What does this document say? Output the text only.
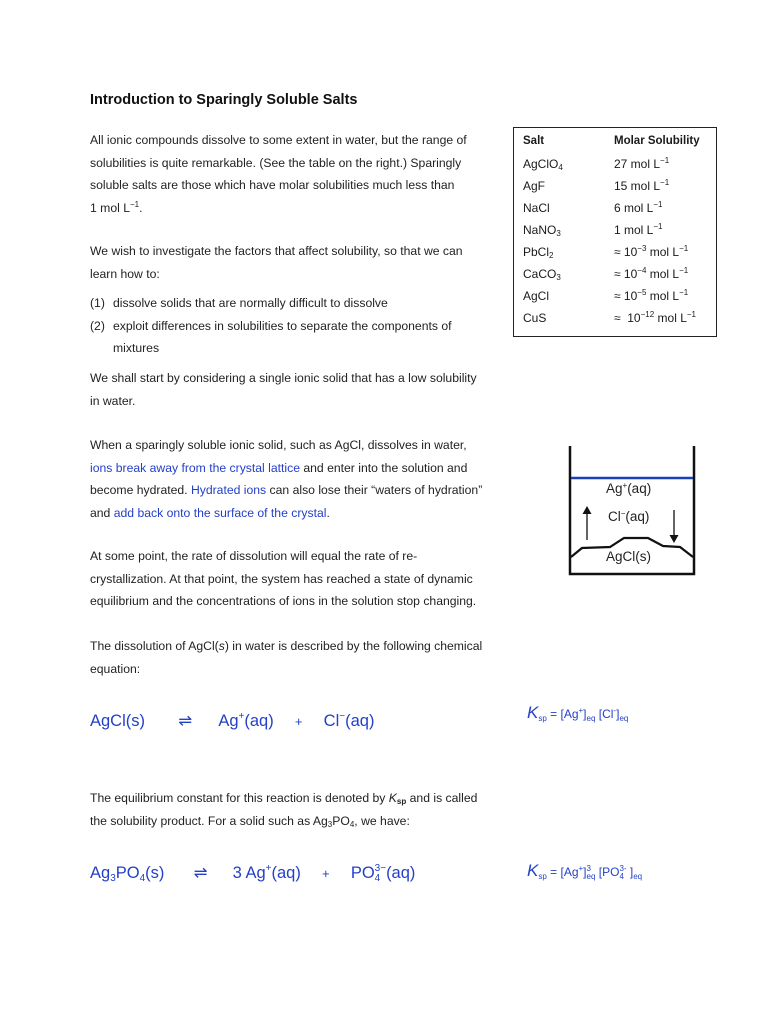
Introduction to Sparingly Soluble Salts
All ionic compounds dissolve to some extent in water, but the range of
solubilities is quite remarkable. (See the table on the right.) Sparingly
soluble salts are those which have molar solubilities much less than
1 mol $L^{-1}$.
We wish to investigate the factors that affect solubility, so that we can
learn how to:
(1) dissolve solids that are normally difficult to dissolve
(2) exploit differences in solubilities to separate the components of
mixtures
We shall start by considering a single ionic solid that has a low solubility
in water.
When a sparingly soluble ionic solid, such as AgCl, dissolves in water,
ions break away from the crystal lattice and enter into the solution and
become hydrated. Hydrated ions can also lose their “waters of hydration”
and add back onto the surface of the crystal.
At some point, the rate of dissolution will equal the rate of re-
crystallization. At that point, the system has reached a state of dynamic
equilibrium and the concentrations of ions in the solution stop changing.
The dissolution of AgCl(s) in water is described by the following chemical
equation:
Salt	Molar Solubility
AgClO$_4$	27 mol $L^{-1}$
AgF	15 mol $L^{-1}$
NaCl	6 mol $L^{-1}$
NaNO$_3$	1 mol $L^{-1}$
PbCl$_2$	≈ $10^{-3}$ mol $L^{-1}$
CaCO$_3$	≈ $10^{-4}$ mol $L^{-1}$
AgCl	≈ $10^{-5}$ mol $L^{-1}$
CuS	≈  $10^{-12}$ mol $L^{-1}$
Ag+(aq)
Cl−(aq)
AgCl(s)
AgCl(s) ⇌ Ag+(aq) + Cl−(aq)	$K_{sp} = [Ag^+]_{eq}$ $[Cl^-]_{eq}$
The equilibrium constant for this reaction is denoted by $K_{sp}$ and is called
the solubility product. For a solid such as $Ag_3PO_4$, we have:
$Ag_3PO_4(s)$ ⇌ 3 Ag+(aq) + PO 3−
4 (aq)	$K_{sp} = [Ag^+]$ 3
eq [PO 3-
4 ]$_{eq}$
